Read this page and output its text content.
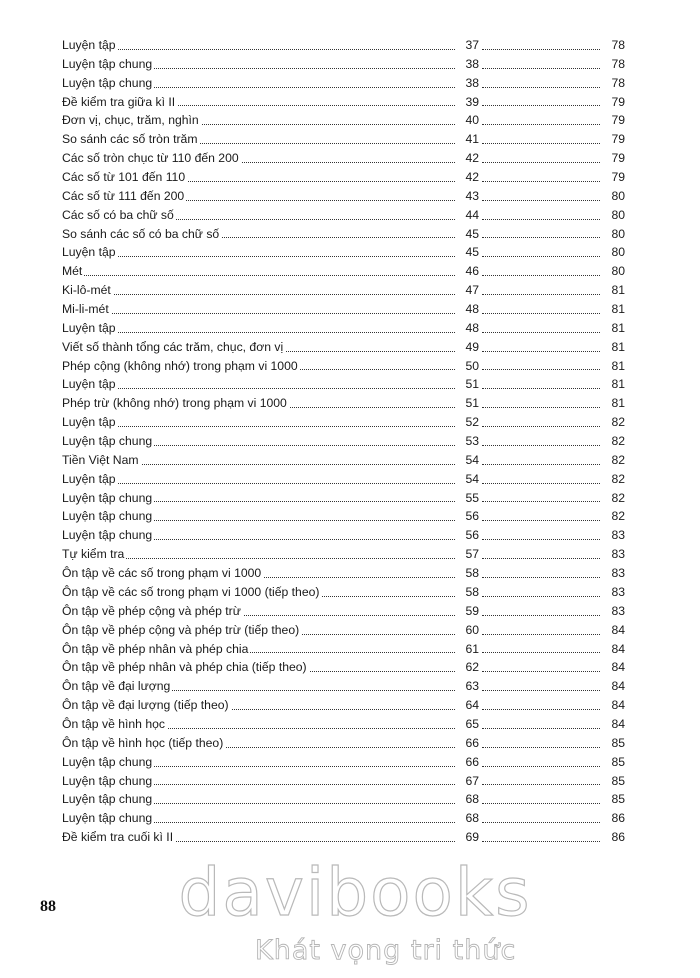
Luyện tập	37	78
Luyện tập chung	38	78
Luyện tập chung	38	78
Đề kiểm tra giữa kì II	39	79
Đơn vị, chục, trăm, nghìn	40	79
So sánh các số tròn trăm	41	79
Các số tròn chục từ 110 đến 200	42	79
Các số từ 101 đến 110	42	79
Các số từ 111 đến 200	43	80
Các số có ba chữ số	44	80
So sánh các số có ba chữ số	45	80
Luyện tập	45	80
Mét	46	80
Ki-lô-mét	47	81
Mi-li-mét	48	81
Luyện tập	48	81
Viết số thành tổng các trăm, chục, đơn vị	49	81
Phép cộng (không nhớ) trong phạm vi 1000	50	81
Luyện tập	51	81
Phép trừ (không nhớ) trong phạm vi 1000	51	81
Luyện tập	52	82
Luyện tập chung	53	82
Tiền Việt Nam	54	82
Luyện tập	54	82
Luyện tập chung	55	82
Luyện tập chung	56	82
Luyện tập chung	56	83
Tự kiểm tra	57	83
Ôn tập về các số trong phạm vi 1000	58	83
Ôn tập về các số trong phạm vi 1000 (tiếp theo)	58	83
Ôn tập về phép cộng và phép trừ	59	83
Ôn tập về phép cộng và phép trừ (tiếp theo)	60	84
Ôn tập về phép nhân và phép chia	61	84
Ôn tập về phép nhân và phép chia (tiếp theo)	62	84
Ôn tập về đại lượng	63	84
Ôn tập về đại lượng (tiếp theo)	64	84
Ôn tập về hình học	65	84
Ôn tập về hình học (tiếp theo)	66	85
Luyện tập chung	66	85
Luyện tập chung	67	85
Luyện tập chung	68	85
Luyện tập chung	68	86
Đề kiểm tra cuối kì II	69	86
88 davibooks
Khát vọng tri thức
